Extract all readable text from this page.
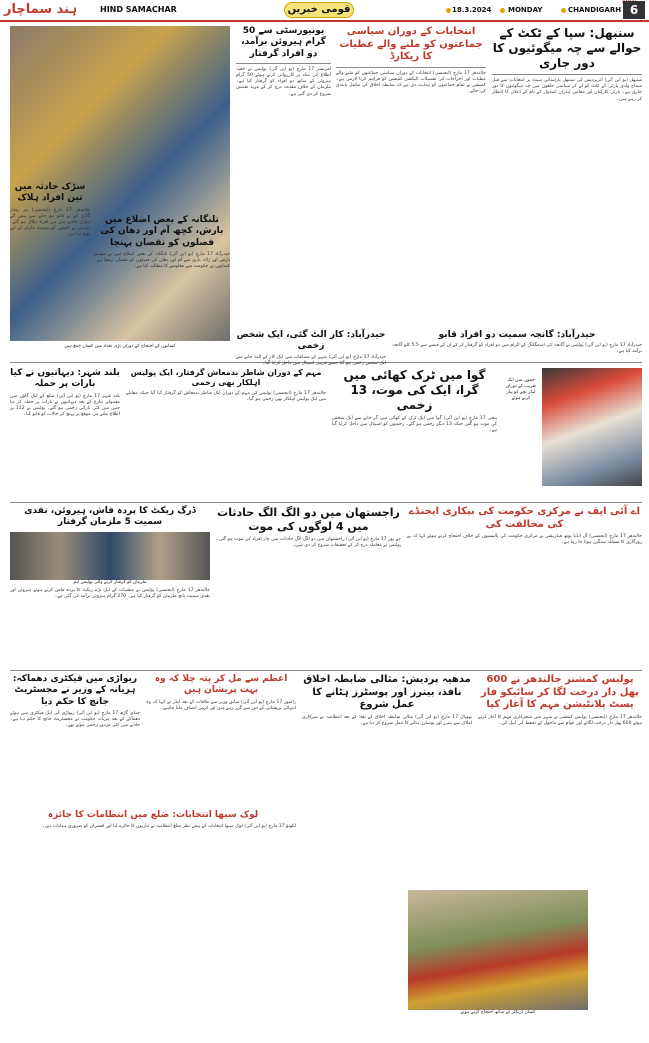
ہند سماچار	HIND SAMACHAR	قومی خبریں	18.3.2024 MONDAY	CHANDIGARH 6
کسانوں کے احتجاج کے دوران بڑی تعداد میں کسان جمع ہیں
یونیورسٹی سے 50 گرام ہیروئن برآمد، دو افراد گرفتار
امرتسر 17 مارچ (یو این آئی) پولیس نے خفیہ اطلاع کی بنیاد پر کارروائی کرتے ہوئے 50 گرام ہیروئن کے ساتھ دو افراد کو گرفتار کیا ہے۔ ملزمان کے خلاف مقدمہ درج کر کے مزید تفتیش شروع کر دی گئی ہے۔
انتخابات کے دوران سیاسی جماعتوں کو ملنے والے عطیات کا ریکارڈ
جالندھر 17 مارچ (ایجنسی) انتخابات کے دوران سیاسی جماعتوں کو ملنے والے عطیات اور اخراجات کی تفصیلات الیکشن کمیشن کو فراہم کرنا لازمی ہے۔ کمیشن نے تمام جماعتوں کو ہدایت دی ہے کہ ضابطہ اخلاق کی مکمل پابندی کی جائے۔
سنبھل: سپا کے ٹکٹ کے حوالے سے چہ میگوئیوں کا دور جاری
سنبھل (یو این آئی) اترپردیش کی سنبھل پارلیمانی سیٹ پر انتخابات سے قبل سماج وادی پارٹی کے ٹکٹ کو لے کر سیاسی حلقوں میں چہ میگوئیوں کا دور جاری ہے۔ پارٹی کارکنان اور مقامی لیڈران امیدوار کے نام کے اعلان کا انتظار کر رہے ہیں۔
سڑک حادثہ میں تین افراد ہلاک
جالندھر 17 مارچ (ایجنسی) تیز رفتار گاڑی کے بے قابو ہو جانے سے پیش آئے سڑک حادثے میں تین افراد ہلاک ہو گئے۔ پولیس نے لاشوں کو پوسٹ مارٹم کے لیے بھیج دیا ہے۔
تلنگانہ کے بعض اضلاع میں بارش، کچھ آم اور دھان کی فصلوں کو نقصان پہنچا
حیدرآباد 17 مارچ (یو این آئی) تلنگانہ کے بعض اضلاع میں بے موسم بارش اور ژالہ باری سے آم اور دھان کی فصلوں کو نقصان پہنچا ہے۔ کسانوں نے حکومت سے معاوضے کا مطالبہ کیا ہے۔
حیدرآباد: کار الٹ گئی، ایک شخص زخمی
حیدرآباد 17 مارچ (یو این آئی) شہر کے مضافات میں ایک کار کے الٹ جانے سے ایک شخص زخمی ہو گیا جسے قریبی اسپتال میں داخل کرایا گیا۔
حیدرآباد: گانجہ سمیت دو افراد قابو
حیدرآباد 17 مارچ (یو این آئی) پولیس نے گانجہ کی اسمگلنگ کے الزام میں دو افراد کو گرفتار کر کے ان کے قبضے سے 5.5 کلو گانجہ برآمد کیا ہے۔
بلند شہر: دیہاتیوں نے کیا بارات پر حملہ
بلند شہر 17 مارچ (یو این آئی) ضلع کے ایک گاؤں میں معمولی تنازع کے بعد دیہاتیوں نے بارات پر حملہ کر دیا جس میں کئی باراتی زخمی ہو گئے۔ پولیس نے 112 پر اطلاع ملتے ہی موقع پر پہنچ کر حالات کو قابو کیا۔
مہم کے دوران شاطر بدمعاش گرفتار، ایک پولیس اہلکار بھی زخمی
جالندھر 17 مارچ (ایجنسی) پولیس کی مہم کے دوران ایک شاطر بدمعاش کو گرفتار کیا گیا جبکہ مقابلے میں ایک پولیس اہلکار بھی زخمی ہو گیا۔
گوا میں ٹرک کھائی میں گرا، ایک کی موت، 13 زخمی
پنجی 17 مارچ (یو این آئی) گوا میں ایک ٹرک کے کھائی میں گر جانے سے ایک شخص کی موت ہو گئی جبکہ 13 دیگر زخمی ہو گئے۔ زخمیوں کو اسپتال میں داخل کرایا گیا ہے۔
جموں میں ایک تقریب کے دوران لیڈر بچے کو پیار کرتے ہوئے
ڈرگ ریکٹ کا پردہ فاش، ہیروئن، نقدی سمیت 5 ملزمان گرفتار
ملزمان کو گرفتار کرنے والی پولیس ٹیم
جالندھر 17 مارچ (ایجنسی) پولیس نے منشیات کے ایک بڑے ریکٹ کا پردہ فاش کرتے ہوئے ہیروئن اور نقدی سمیت پانچ ملزمان کو گرفتار کیا ہے۔ 270 گرام ہیروئن برآمد کی گئی ہے۔
راجستھان میں دو الگ الگ حادثات میں 4 لوگوں کی موت
جے پور 17 مارچ (یو این آئی) راجستھان میں دو الگ الگ حادثات میں چار افراد کی موت ہو گئی۔ پولیس نے معاملہ درج کر کے تحقیقات شروع کر دی ہیں۔
اے آئی ایف نے مرکزی حکومت کی بیکاری ایجنڈے کی مخالفت کی
جالندھر 17 مارچ (ایجنسی) آل انڈیا یوتھ فیڈریشن نے مرکزی حکومت کی پالیسیوں کے خلاف احتجاج کرتے ہوئے کہا کہ بے روزگاری کا مسئلہ سنگین ہوتا جا رہا ہے۔
ریواڑی میں فیکٹری دھماکہ: ہریانہ کے وزیر نے مجسٹریٹ جانچ کا حکم دیا
چنڈی گڑھ 17 مارچ (یو این آئی) ریواڑی کی ایک فیکٹری میں ہوئے دھماکے کے بعد ہریانہ حکومت نے مجسٹریٹ جانچ کا حکم دیا ہے۔ حادثے میں کئی مزدور زخمی ہوئے تھے۔
اعظم سے مل کر پتہ چلا کہ وہ بہت پریشان ہیں
رامپور 17 مارچ (یو این آئی) سابق وزیر سے ملاقات کے بعد لیڈر نے کہا کہ وہ انتہائی پریشانی کے دور سے گزر رہے ہیں اور انہیں انصاف ملنا چاہیے۔
مدھیہ پردیش: مثالی ضابطہ اخلاق نافذ، بینرز اور پوسٹرز ہٹانے کا عمل شروع
بھوپال 17 مارچ (یو این آئی) مثالی ضابطہ اخلاق کے نفاذ کے بعد انتظامیہ نے سرکاری املاک سے بینرز اور پوسٹرز ہٹانے کا عمل شروع کر دیا ہے۔
پولیس کمشنر جالندھر نے 600 پھل دار درخت لگا کر سائیکو فار یسٹ پلانٹیشن مہم کا آغاز کیا
جالندھر 17 مارچ (ایجنسی) پولیس کمشنر نے شہر میں شجرکاری مہم کا آغاز کرتے ہوئے 600 پھل دار درخت لگائے اور عوام سے ماحول کے تحفظ کی اپیل کی۔
کسان ٹریکٹر کے ساتھ احتجاج کرتے ہوئے
لوک سبھا انتخابات: ضلع میں انتظامات کا جائزہ
لکھنؤ 17 مارچ (یو این آئی) لوک سبھا انتخابات کے پیش نظر ضلع انتظامیہ نے تیاریوں کا جائزہ لیا اور افسران کو ضروری ہدایات دیں۔
